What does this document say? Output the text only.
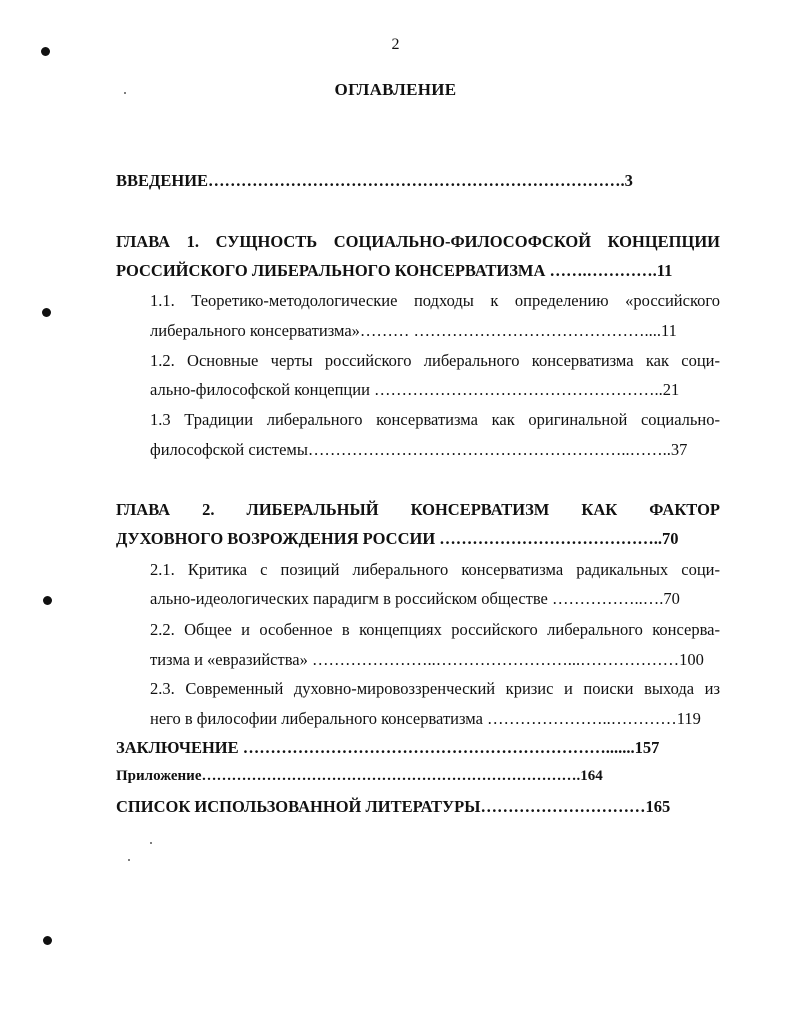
2
ОГЛАВЛЕНИЕ
ВВЕДЕНИЕ………………………………………………………………….3
ГЛАВА 1. СУЩНОСТЬ СОЦИАЛЬНО-ФИЛОСОФСКОЙ КОНЦЕПЦИИ
РОССИЙСКОГО ЛИБЕРАЛЬНОГО КОНСЕРВАТИЗМА …….………….11
1.1. Теоретико-методологические подходы к определению «российского
либерального консерватизма»……… ……………………………………....11
1.2. Основные черты российского либерального консерватизма как соци-
ально-философской концепции ……………………………………………..21
1.3 Традиции либерального консерватизма как оригинальной социально-
философской системы…………………………………………………..……..37
ГЛАВА 2. ЛИБЕРАЛЬНЫЙ КОНСЕРВАТИЗМ КАК ФАКТОР
ДУХОВНОГО ВОЗРОЖДЕНИЯ РОССИИ …………………………………..70
2.1. Критика с позиций либерального консерватизма радикальных соци-
ально-идеологических парадигм в российском обществе ……………..….70
2.2. Общее и особенное в концепциях российского либерального консерва-
тизма и «евразийства» …………………..……………………...………………100
2.3. Современный духовно-мировоззренческий кризис и поиски выхода из
него в философии либерального консерватизма …………………..…………119
ЗАКЛЮЧЕНИЕ ………………………………………………………….......157
Приложение………………………………………………………………….164
СПИСОК ИСПОЛЬЗОВАННОЙ ЛИТЕРАТУРЫ…………………………165
